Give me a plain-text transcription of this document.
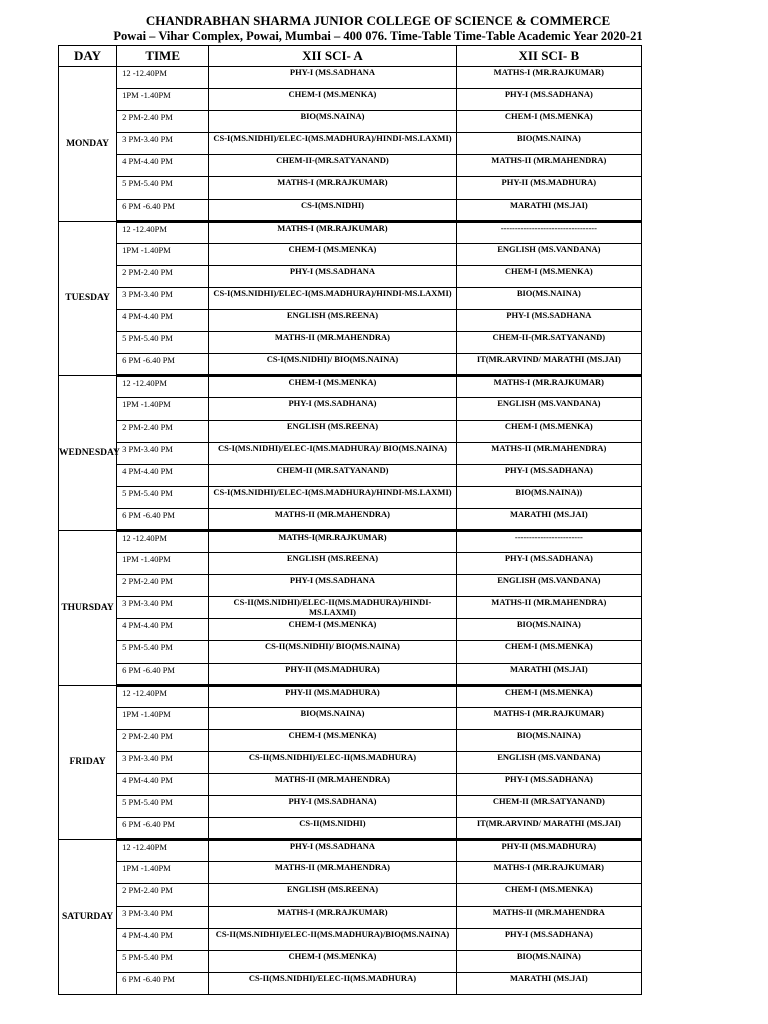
CHANDRABHAN SHARMA JUNIOR COLLEGE OF SCIENCE & COMMERCE
Powai – Vihar Complex, Powai, Mumbai – 400 076. Time-Table Time-Table Academic Year 2020-21
DAY	TIME	XII SCI- A	XII SCI- B
MONDAY	12 -12.40PM	PHY-I (MS.SADHANA	MATHS-I (MR.RAJKUMAR)
	1PM -1.40PM	CHEM-I (MS.MENKA)	PHY-I (MS.SADHANA)
	2 PM-2.40 PM	BIO(MS.NAINA)	CHEM-I (MS.MENKA)
	3 PM-3.40 PM	CS-I(MS.NIDHI)/ELEC-I(MS.MADHURA)/HINDI-MS.LAXMI)	BIO(MS.NAINA)
	4 PM-4.40 PM	CHEM-II-(MR.SATYANAND)	MATHS-II (MR.MAHENDRA)
	5 PM-5.40 PM	MATHS-I (MR.RAJKUMAR)	PHY-II (MS.MADHURA)
	6 PM -6.40 PM	CS-I(MS.NIDHI)	MARATHI (MS.JAI)
TUESDAY	12 -12.40PM	MATHS-I (MR.RAJKUMAR)	----------------------------------
	1PM -1.40PM	CHEM-I (MS.MENKA)	ENGLISH (MS.VANDANA)
	2 PM-2.40 PM	PHY-I (MS.SADHANA	CHEM-I (MS.MENKA)
	3 PM-3.40 PM	CS-I(MS.NIDHI)/ELEC-I(MS.MADHURA)/HINDI-MS.LAXMI)	BIO(MS.NAINA)
	4 PM-4.40 PM	ENGLISH (MS.REENA)	PHY-I (MS.SADHANA
	5 PM-5.40 PM	MATHS-II (MR.MAHENDRA)	CHEM-II-(MR.SATYANAND)
	6 PM -6.40 PM	CS-I(MS.NIDHI)/ BIO(MS.NAINA)	IT(MR.ARVIND/ MARATHI (MS.JAI)
WEDNESDAY	12 -12.40PM	CHEM-I (MS.MENKA)	MATHS-I (MR.RAJKUMAR)
	1PM -1.40PM	PHY-I (MS.SADHANA)	ENGLISH (MS.VANDANA)
	2 PM-2.40 PM	ENGLISH (MS.REENA)	CHEM-I (MS.MENKA)
	3 PM-3.40 PM	CS-I(MS.NIDHI)/ELEC-I(MS.MADHURA)/ BIO(MS.NAINA)	MATHS-II (MR.MAHENDRA)
	4 PM-4.40 PM	CHEM-II (MR.SATYANAND)	PHY-I (MS.SADHANA)
	5 PM-5.40 PM	CS-I(MS.NIDHI)/ELEC-I(MS.MADHURA)/HINDI-MS.LAXMI)	BIO(MS.NAINA))
	6 PM -6.40 PM	MATHS-II (MR.MAHENDRA)	MARATHI (MS.JAI)
THURSDAY	12 -12.40PM	MATHS-I(MR.RAJKUMAR)	------------------------
	1PM -1.40PM	ENGLISH (MS.REENA)	PHY-I (MS.SADHANA)
	2 PM-2.40 PM	PHY-I (MS.SADHANA	ENGLISH (MS.VANDANA)
	3 PM-3.40 PM	CS-II(MS.NIDHI)/ELEC-II(MS.MADHURA)/HINDI-MS.LAXMI)	MATHS-II (MR.MAHENDRA)
	4 PM-4.40 PM	CHEM-I (MS.MENKA)	BIO(MS.NAINA)
	5 PM-5.40 PM	CS-II(MS.NIDHI)/ BIO(MS.NAINA)	CHEM-I (MS.MENKA)
	6 PM -6.40 PM	PHY-II (MS.MADHURA)	MARATHI (MS.JAI)
FRIDAY	12 -12.40PM	PHY-II (MS.MADHURA)	CHEM-I (MS.MENKA)
	1PM -1.40PM	BIO(MS.NAINA)	MATHS-I (MR.RAJKUMAR)
	2 PM-2.40 PM	CHEM-I (MS.MENKA)	BIO(MS.NAINA)
	3 PM-3.40 PM	CS-II(MS.NIDHI)/ELEC-II(MS.MADHURA)	ENGLISH (MS.VANDANA)
	4 PM-4.40 PM	MATHS-II (MR.MAHENDRA)	PHY-I (MS.SADHANA)
	5 PM-5.40 PM	PHY-I (MS.SADHANA)	CHEM-II (MR.SATYANAND)
	6 PM -6.40 PM	CS-II(MS.NIDHI)	IT(MR.ARVIND/ MARATHI (MS.JAI)
SATURDAY	12 -12.40PM	PHY-I (MS.SADHANA	PHY-II (MS.MADHURA)
	1PM -1.40PM	MATHS-II (MR.MAHENDRA)	MATHS-I (MR.RAJKUMAR)
	2 PM-2.40 PM	ENGLISH (MS.REENA)	CHEM-I (MS.MENKA)
	3 PM-3.40 PM	MATHS-I (MR.RAJKUMAR)	MATHS-II (MR.MAHENDRA
	4 PM-4.40 PM	CS-II(MS.NIDHI)/ELEC-II(MS.MADHURA)/BIO(MS.NAINA)	PHY-I (MS.SADHANA)
	5 PM-5.40 PM	CHEM-I (MS.MENKA)	BIO(MS.NAINA)
	6 PM -6.40 PM	CS-II(MS.NIDHI)/ELEC-II(MS.MADHURA)	MARATHI (MS.JAI)
